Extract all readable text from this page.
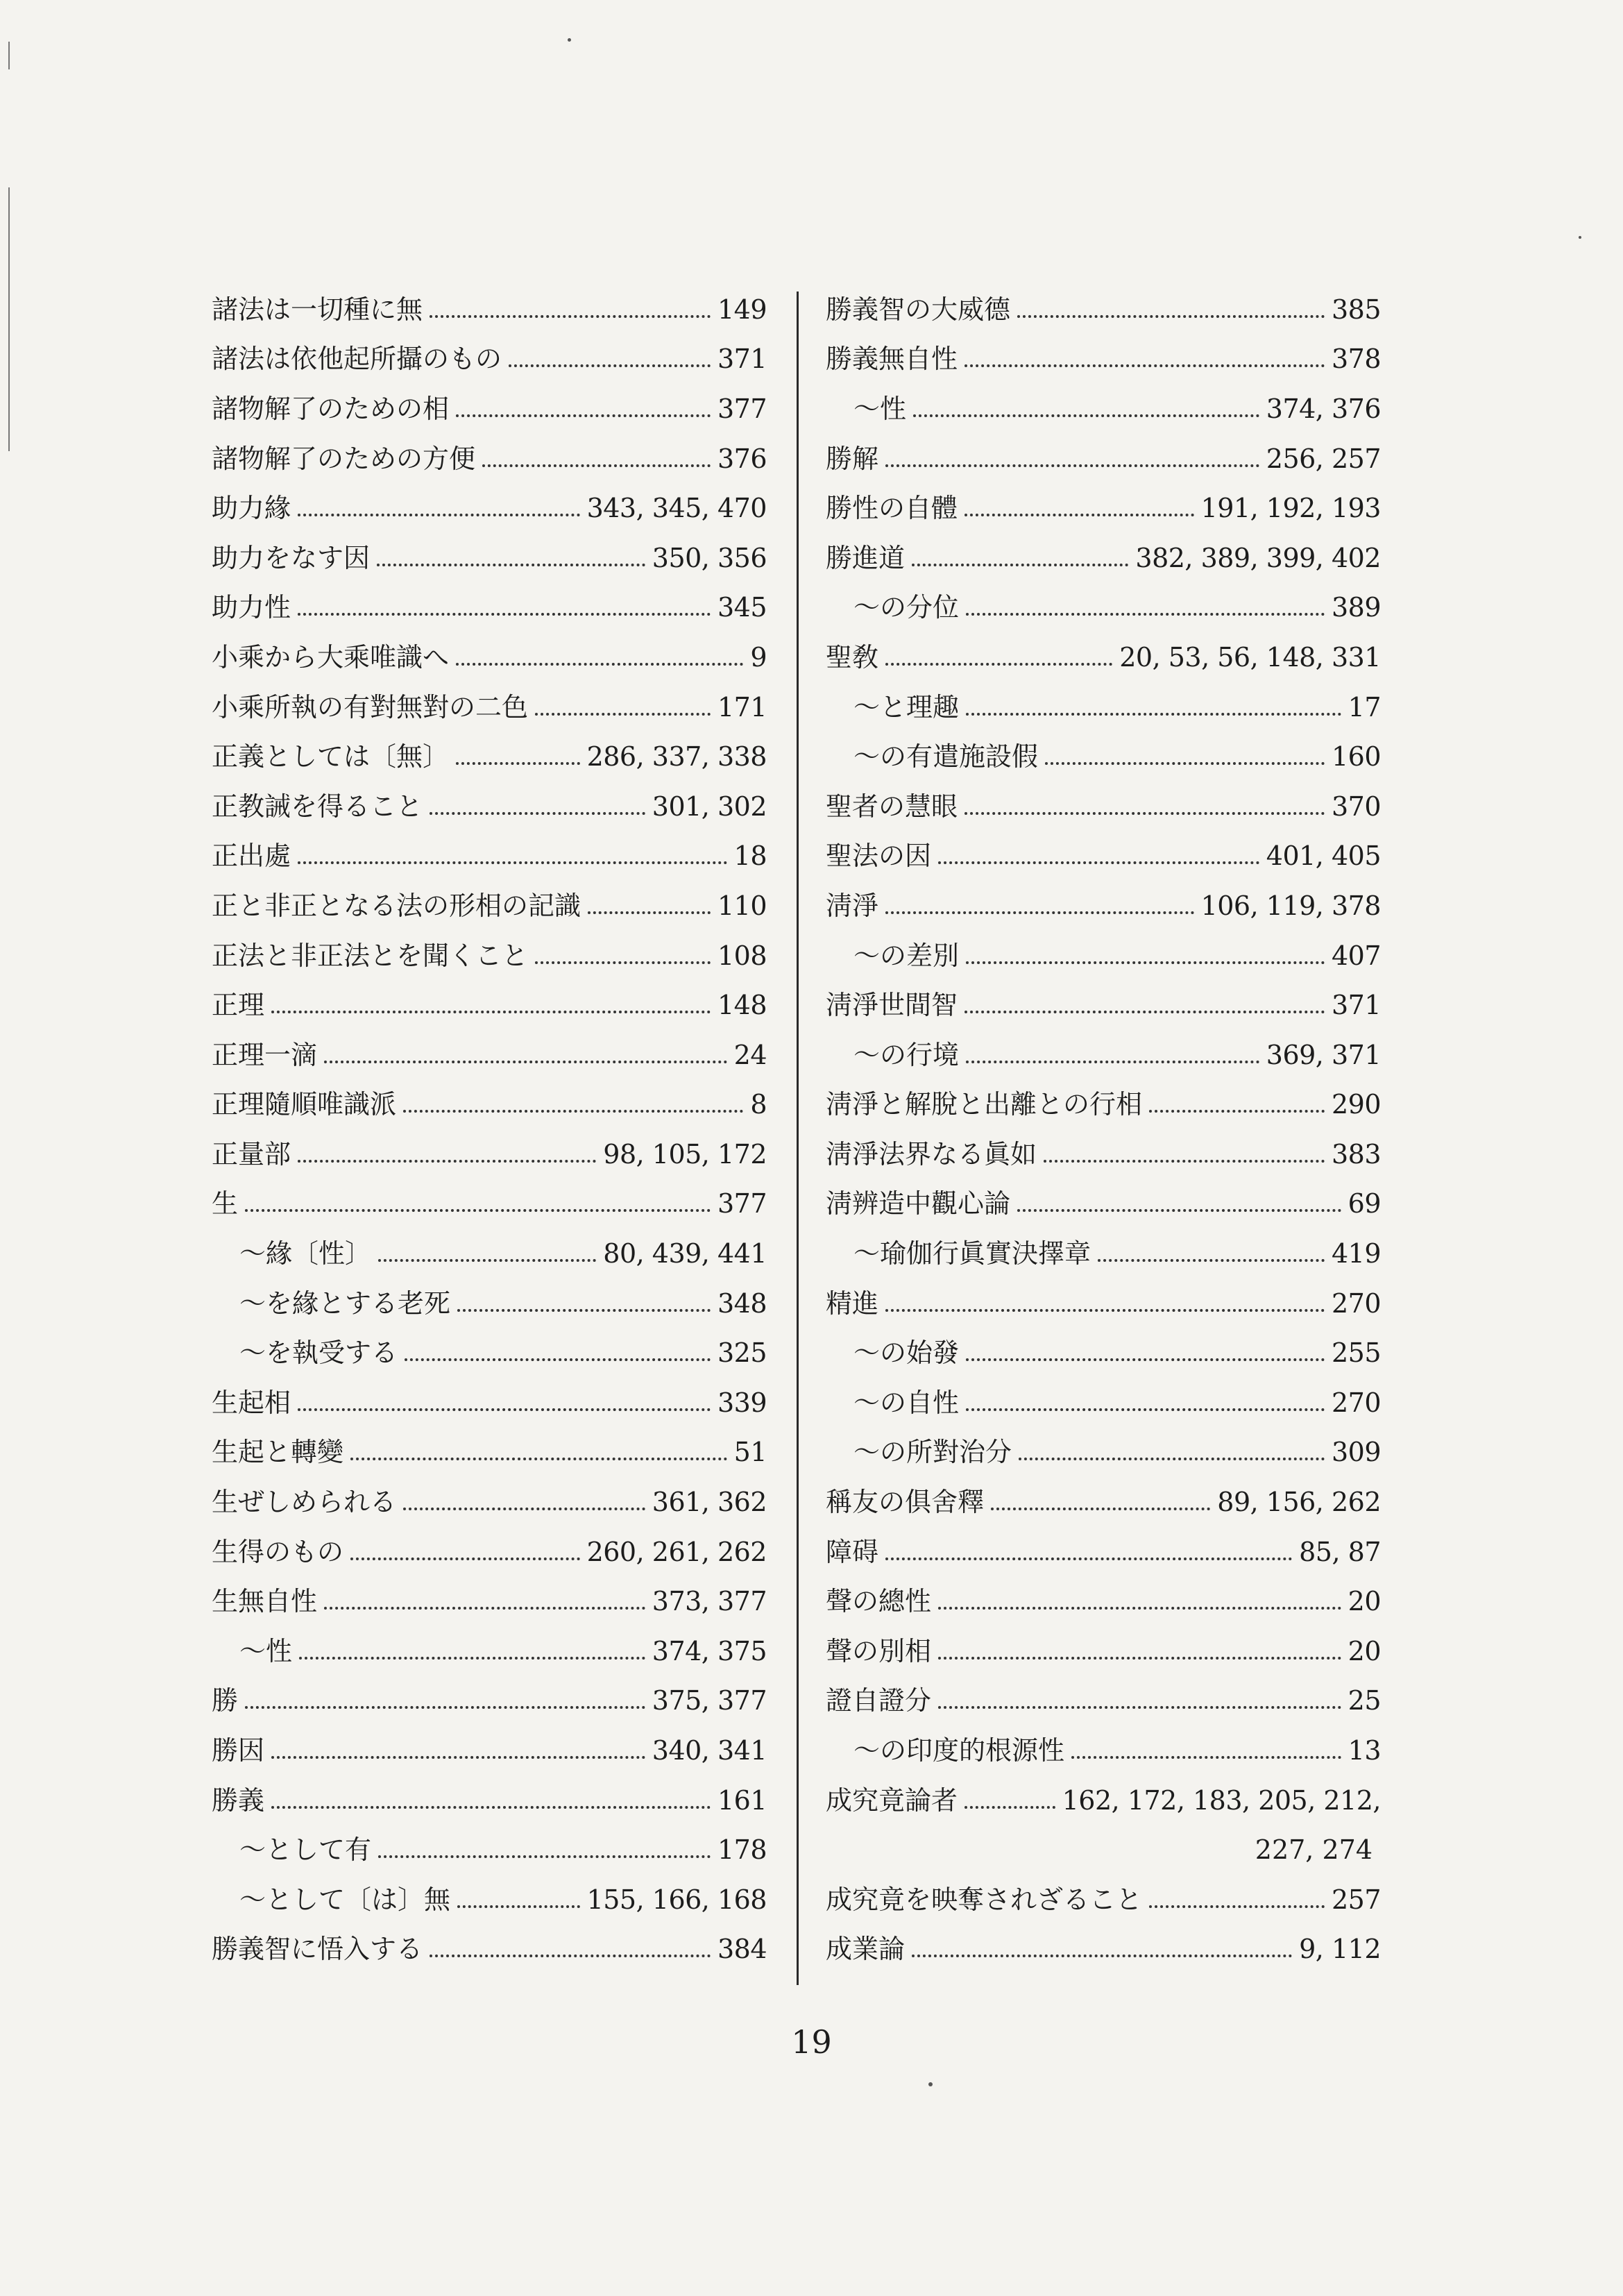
諸法は一切種に無	149
諸法は依他起所攝のもの	371
諸物解了のための相	377
諸物解了のための方便	376
助力緣	343, 345, 470
助力をなす因	350, 356
助力性	345
小乘から大乘唯識へ	9
小乘所執の有對無對の二色	171
正義としては〔無〕	286, 337, 338
正教誡を得ること	301, 302
正出處	18
正と非正となる法の形相の記識	110
正法と非正法とを聞くこと	108
正理	148
正理一滴	24
正理隨順唯識派	8
正量部	98, 105, 172
生	377
〜緣〔性〕	80, 439, 441
〜を緣とする老死	348
〜を執受する	325
生起相	339
生起と轉變	51
生ぜしめられる	361, 362
生得のもの	260, 261, 262
生無自性	373, 377
〜性	374, 375
勝	375, 377
勝因	340, 341
勝義	161
〜として有	178
〜として〔は〕無	155, 166, 168
勝義智に悟入する	384
勝義智の大威德	385
勝義無自性	378
〜性	374, 376
勝解	256, 257
勝性の自體	191, 192, 193
勝進道	382, 389, 399, 402
〜の分位	389
聖敎	20, 53, 56, 148, 331
〜と理趣	17
〜の有遣施設假	160
聖者の慧眼	370
聖法の因	401, 405
淸淨	106, 119, 378
〜の差別	407
淸淨世間智	371
〜の行境	369, 371
淸淨と解脫と出離との行相	290
淸淨法界なる眞如	383
淸辨造中觀心論	69
〜瑜伽行眞實決擇章	419
精進	270
〜の始發	255
〜の自性	270
〜の所對治分	309
稱友の俱舍釋	89, 156, 262
障碍	85, 87
聲の總性	20
聲の別相	20
證自證分	25
〜の印度的根源性	13
成究竟論者	162, 172, 183, 205, 212,
227, 274
成究竟を映奪されざること	257
成業論	9, 112
19
